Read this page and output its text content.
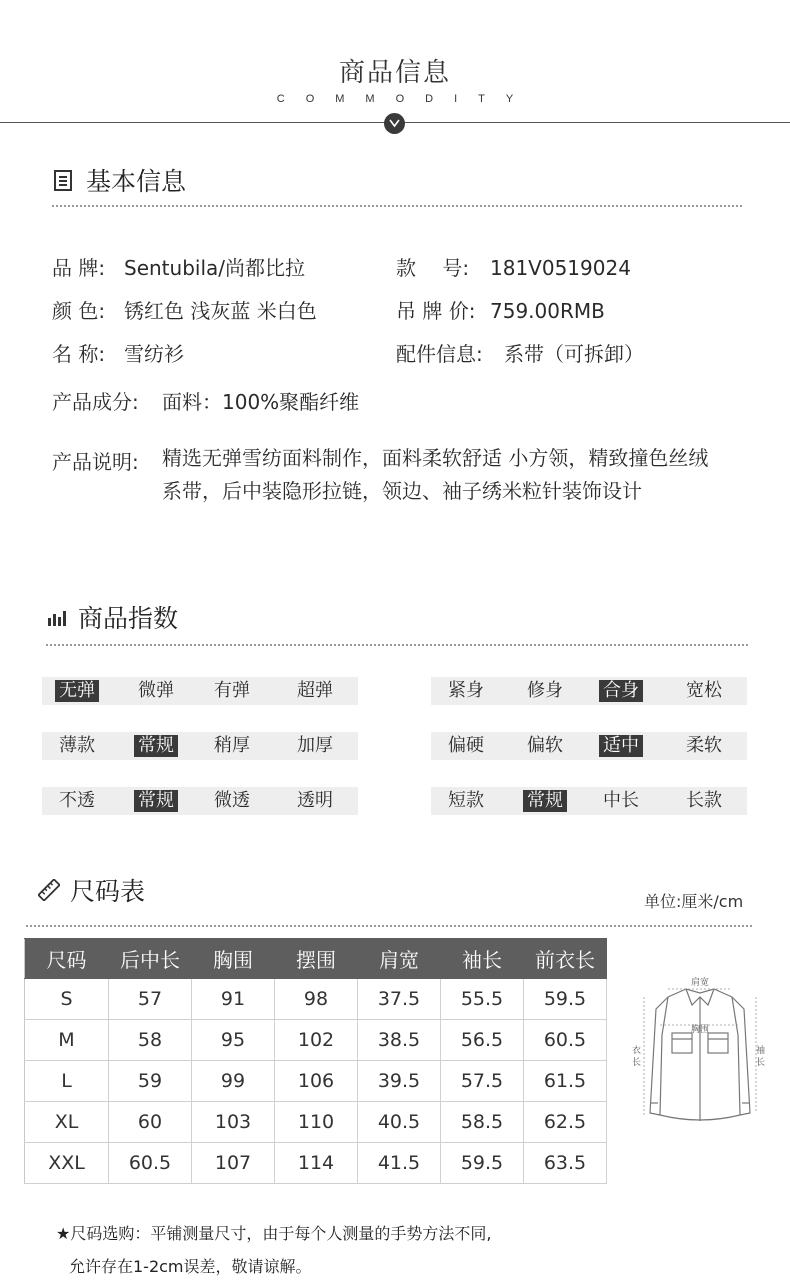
商品信息
COMMODITY
基本信息
品 牌: Sentubila/尚都比拉	款　 号: 181V0519024
颜 色: 锈红色 浅灰蓝 米白色	吊 牌 价: 759.00RMB
名 称: 雪纺衫	配件信息: 系带（可拆卸）
产品成分: 面料：100%聚酯纤维
产品说明:	精选无弹雪纺面料制作，面料柔软舒适 小方领，精致撞色丝绒系带，后中装隐形拉链，领边、袖子绣米粒针装饰设计
商品指数
无弹 微弹 有弹	超弹
薄款 常规 稍厚	加厚
不透 常规 微透	透明
紧身 修身 合身	宽松
偏硬 偏软 适中	柔软
短款 常规 中长	长款
尺码表	单位:厘米/cm
尺码	后中长	胸围	摆围	肩宽	袖长	前衣长
S	57	91	98	37.5	55.5	59.5
M	58	95	102	38.5	56.5	60.5
L	59	99	106	39.5	57.5	61.5
XL	60	103	110	40.5	58.5	62.5
XXL	60.5	107	114	41.5	59.5	63.5
肩宽
胸围
衣长
袖长
★尺码选购：平铺测量尺寸，由于每个人测量的手势方法不同,
允许存在1-2cm误差，敬请谅解。
